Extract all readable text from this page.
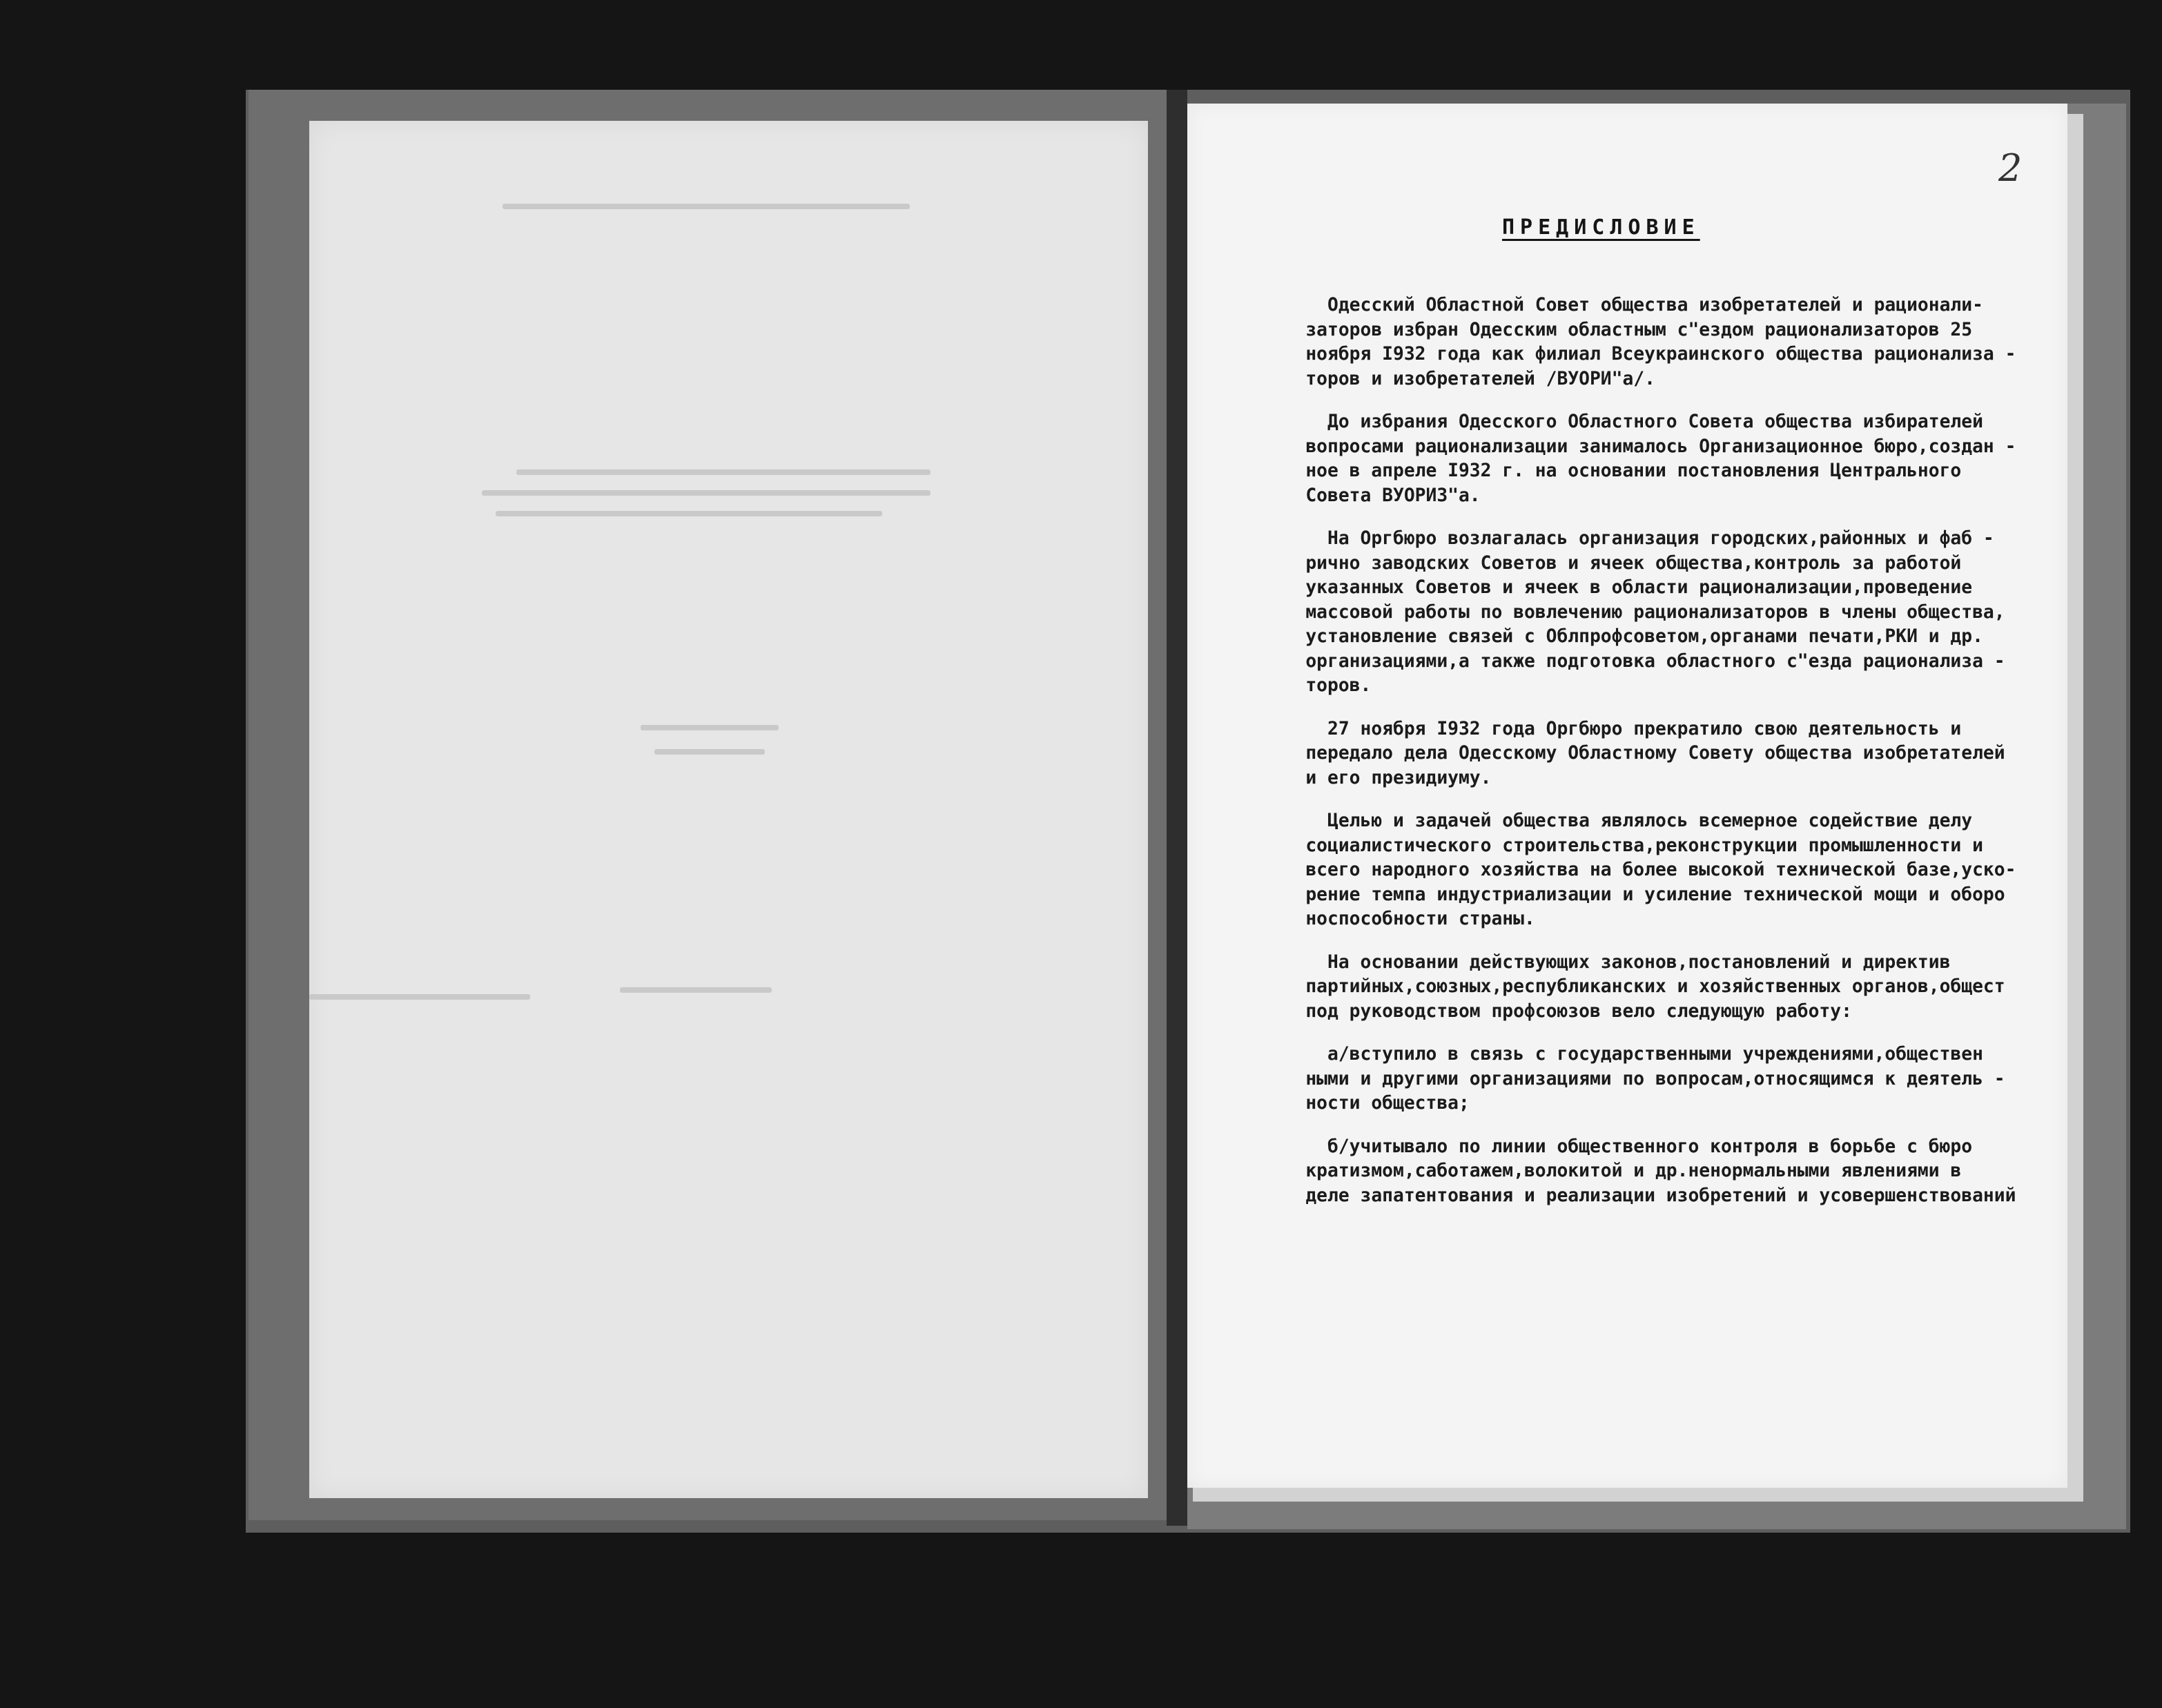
2

ПРЕДИСЛОВИЕ

Одесский Областной Совет общества изобретателей и рационали-
заторов избран Одесским областным с"ездом рационализаторов 25
ноября I932 года как филиал Всеукраинского общества рационализа -
торов и изобретателей /ВУОРИ"а/.

До избрания Одесского Областного Совета общества избирателей
вопросами рационализации занималось Организационное бюро,создан -
ное в апреле I932 г. на основании постановления Центрального
Совета ВУОРИЗ"а.

На Оргбюро возлагалась организация городских,районных и фаб -
рично заводских Советов и ячеек общества,контроль за работой
указанных Советов и ячеек в области рационализации,проведение
массовой работы по вовлечению рационализаторов в члены общества,
установление связей с Облпрофсоветом,органами печати,РКИ и др.
организациями,а также подготовка областного с"езда рационализа -
торов.

27 ноября I932 года Оргбюро прекратило свою деятельность и
передало дела Одесскому Областному Совету общества изобретателей
и его президиуму.

Целью и задачей общества являлось всемерное содействие делу
социалистического строительства,реконструкции промышленности и
всего народного хозяйства на более высокой технической базе,уско-
рение темпа индустриализации и усиление технической мощи и оборо
носпособности страны.

На основании действующих законов,постановлений и директив
партийных,союзных,республиканских и хозяйственных органов,общест
под руководством профсоюзов вело следующую работу:

а/вступило в связь с государственными учреждениями,обществен
ными и другими организациями по вопросам,относящимся к деятель -
ности общества;

б/учитывало по линии общественного контроля в борьбе с бюро
кратизмом,саботажем,волокитой и др.ненормальными явлениями в
деле запатентования и реализации изобретений и усовершенствований
